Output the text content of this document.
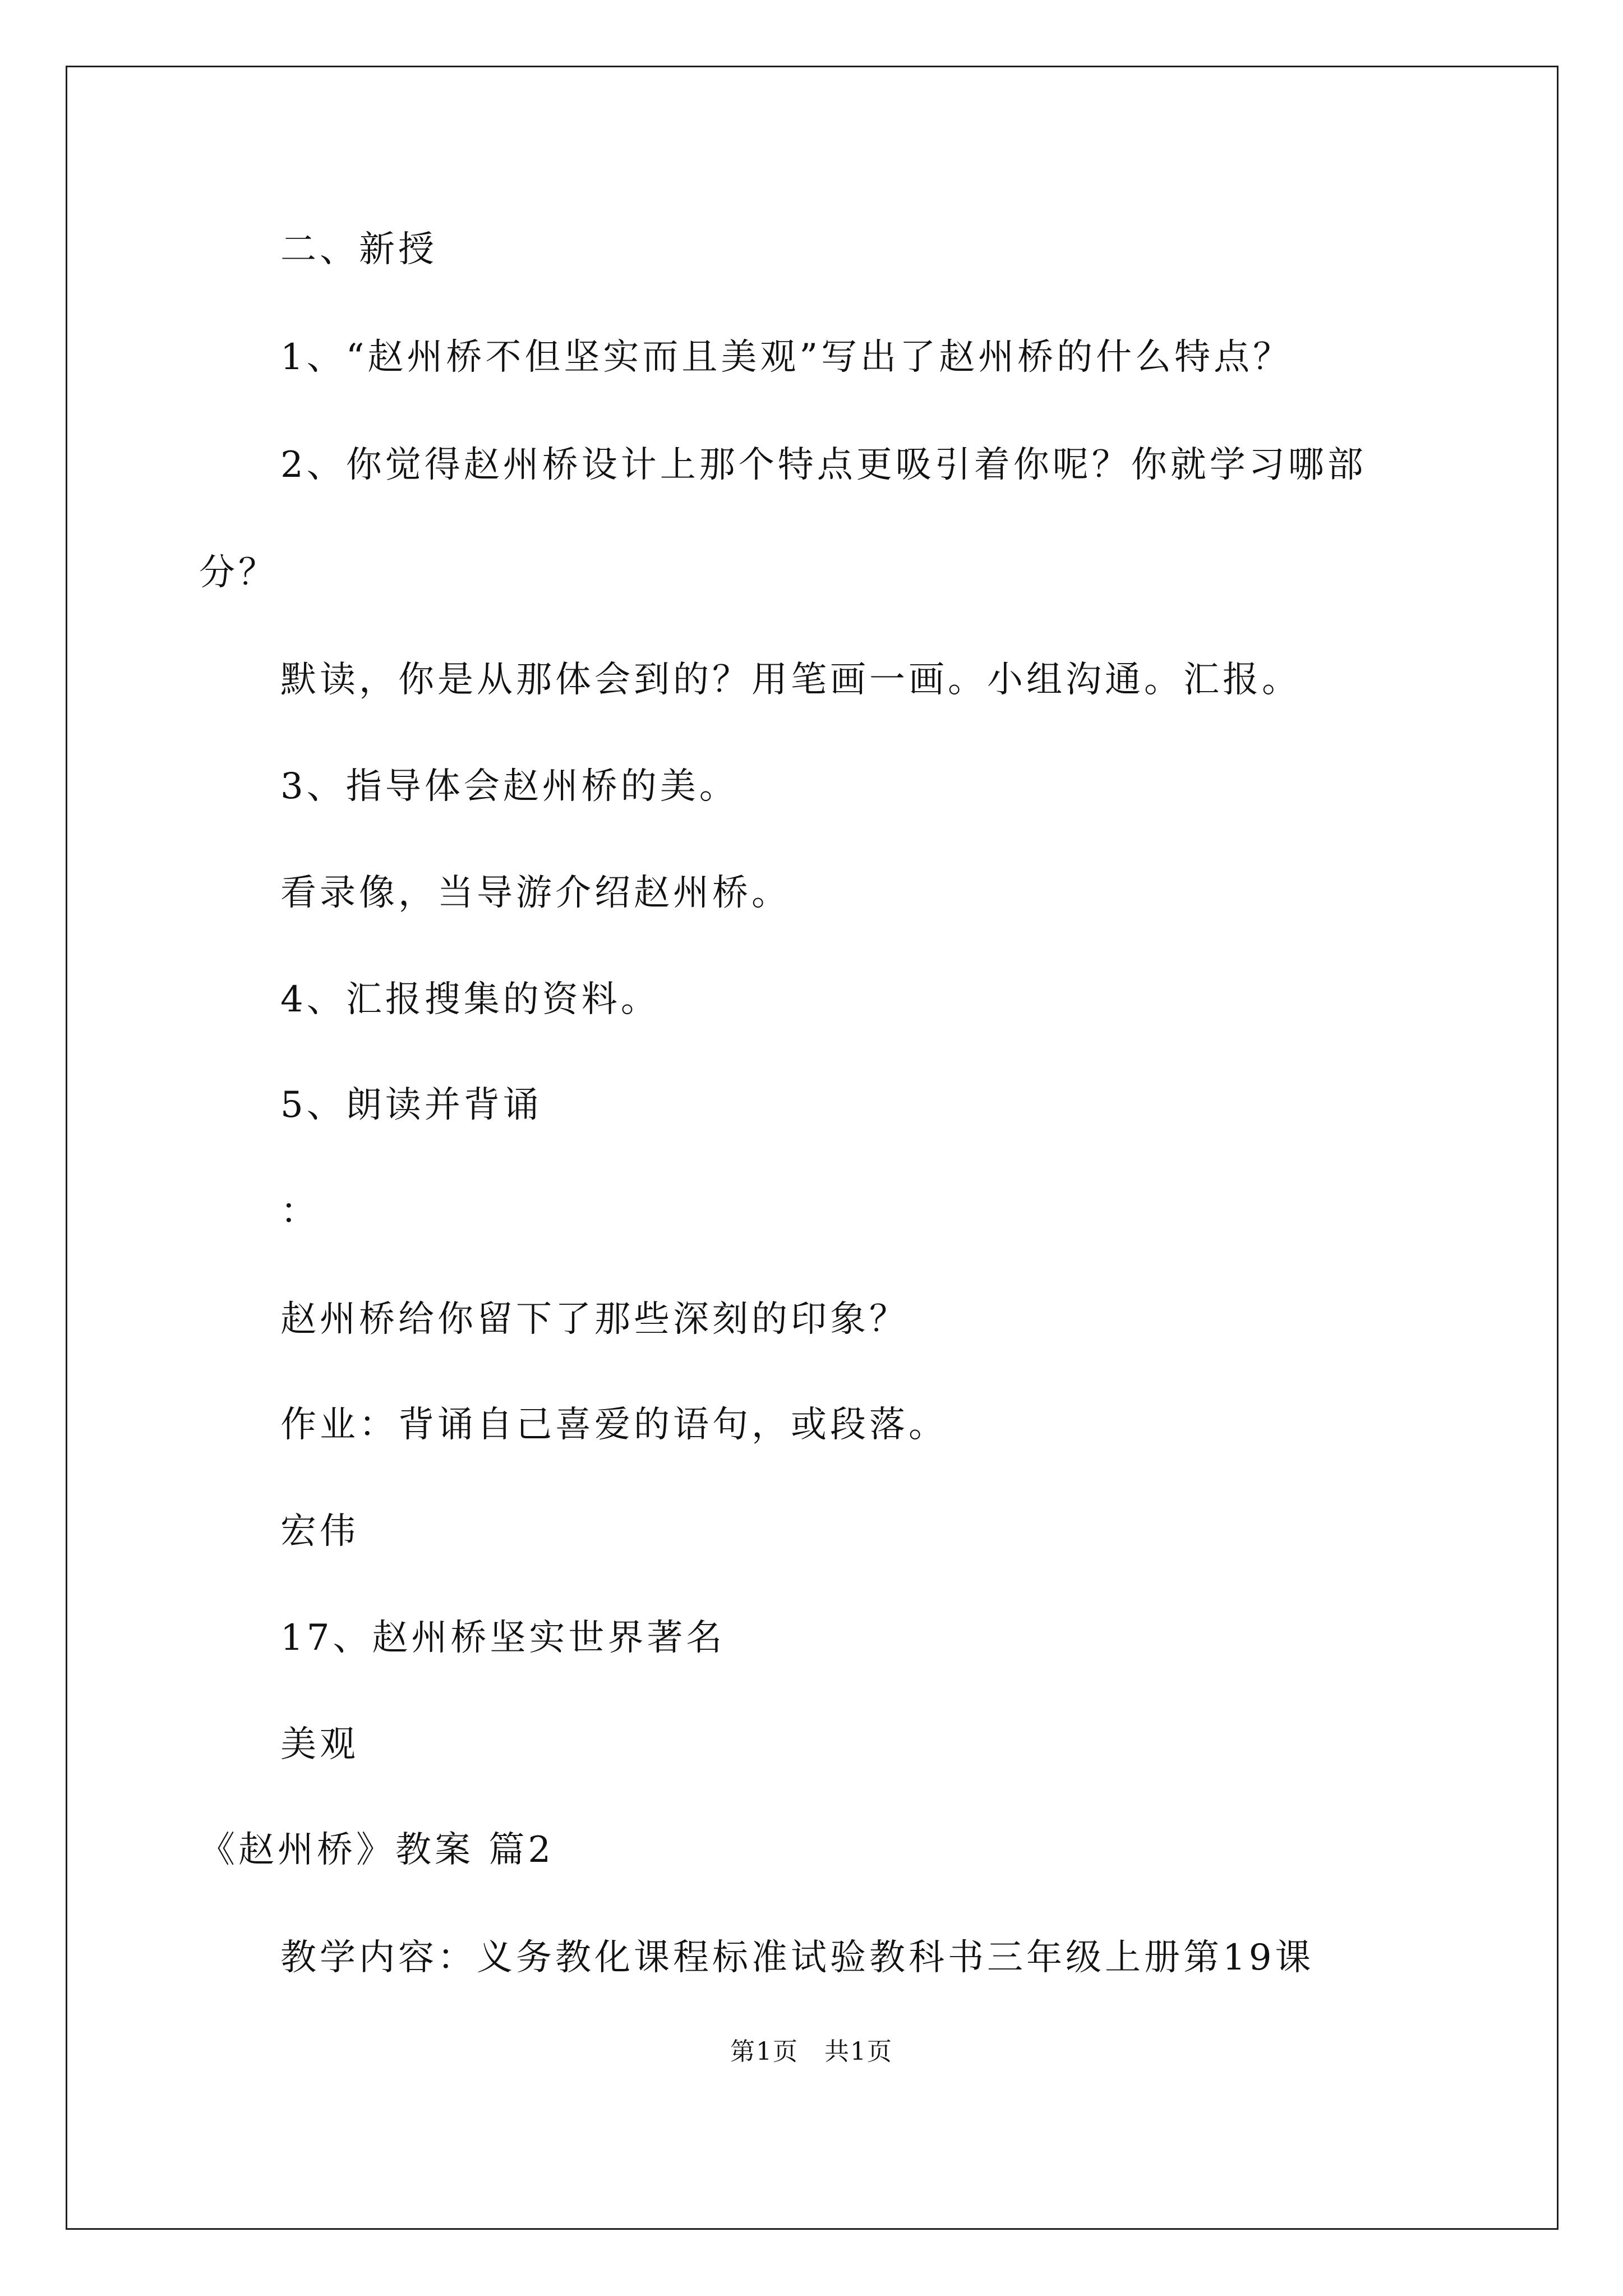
二、新授
1、“赵州桥不但坚实而且美观”写出了赵州桥的什么特点？
2、你觉得赵州桥设计上那个特点更吸引着你呢？你就学习哪部
分？
默读，你是从那体会到的？用笔画一画。小组沟通。汇报。
3、指导体会赵州桥的美。
看录像，当导游介绍赵州桥。
4、汇报搜集的资料。
5、朗读并背诵
：
赵州桥给你留下了那些深刻的印象？
作业：背诵自己喜爱的语句，或段落。
宏伟
17、赵州桥坚实世界著名
美观
《赵州桥》教案 篇2
教学内容：义务教化课程标准试验教科书三年级上册第19课
第1页　共1页
